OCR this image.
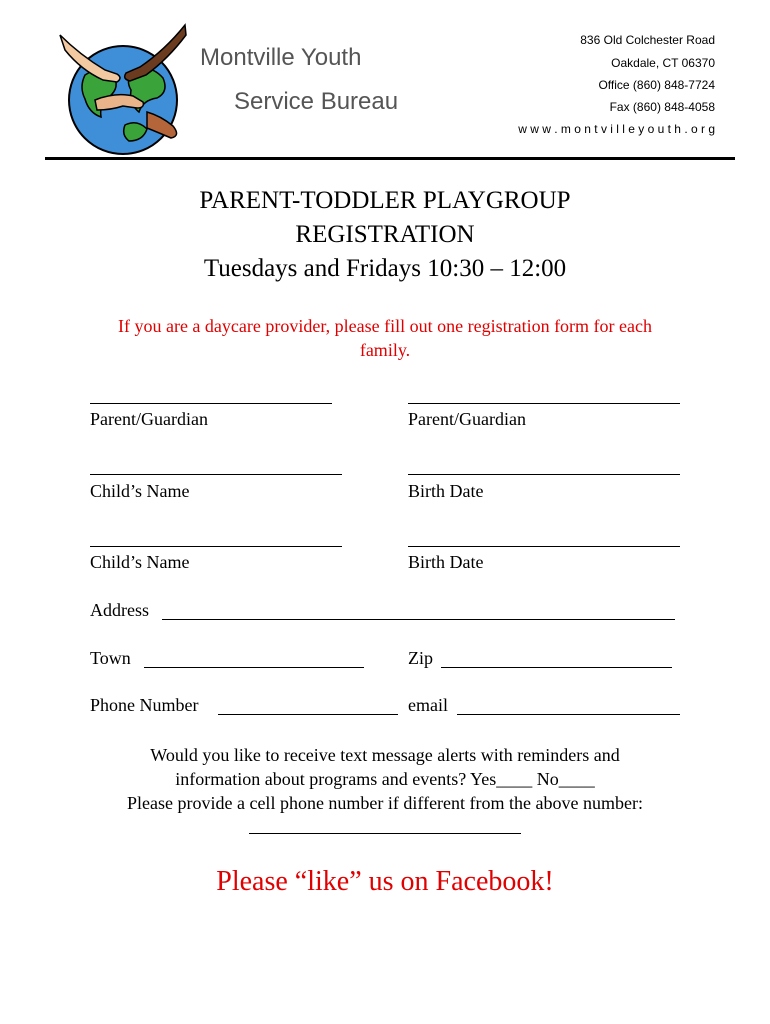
Montville Youth
Service Bureau
836 Old Colchester Road
Oakdale, CT 06370
Office (860) 848-7724
Fax (860) 848-4058
w w w . m o n t v i l l e y o u t h . o r g
PARENT-TODDLER PLAYGROUP
REGISTRATION
Tuesdays and Fridays 10:30 – 12:00
If you are a daycare provider, please fill out one registration form for each family.
Parent/Guardian	Parent/Guardian
Child’s Name	Birth Date
Child’s Name	Birth Date
Address
Town	Zip
Phone Number	email
Would you like to receive text message alerts with reminders and information about programs and events? Yes____ No____
Please provide a cell phone number if different from the above number:
Please “like” us on Facebook!
